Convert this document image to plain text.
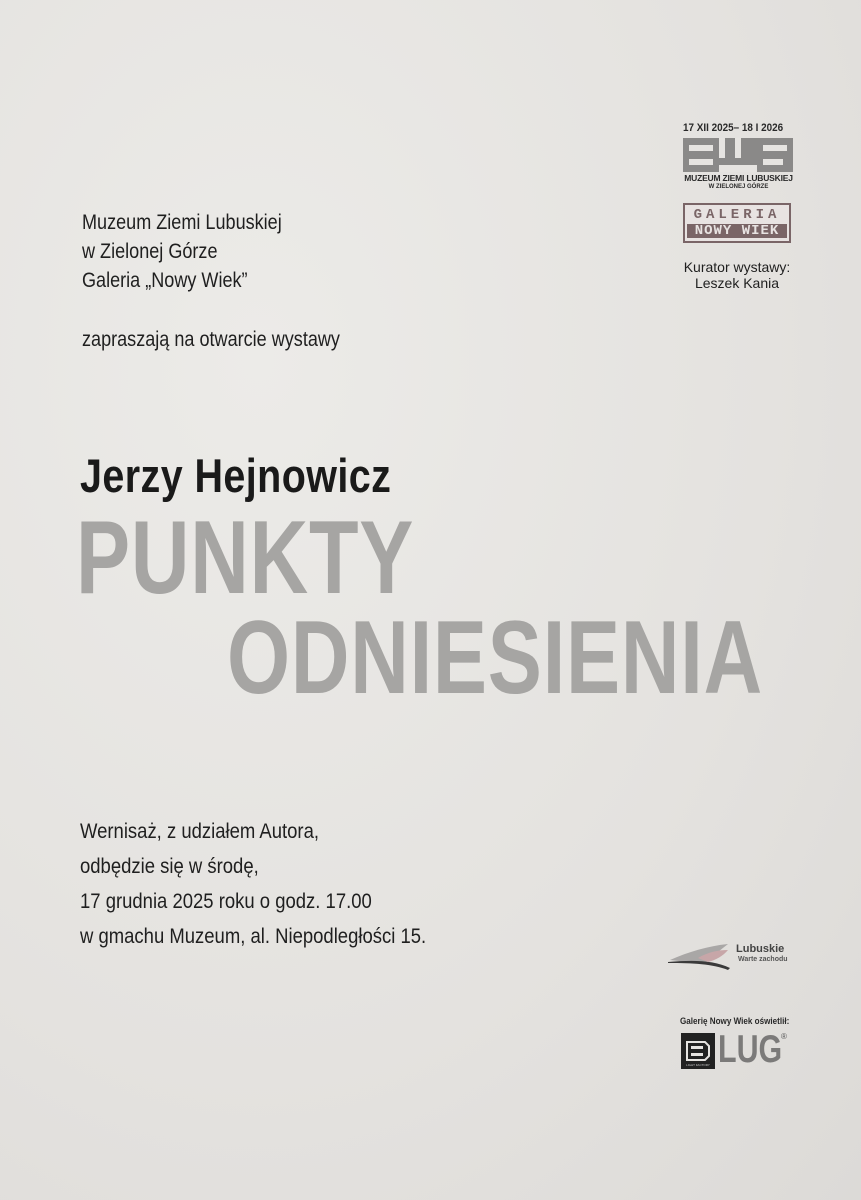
Muzeum Ziemi Lubuskiej
w Zielonej Górze
Galeria „Nowy Wiek”
zapraszają na otwarcie wystawy
Jerzy Hejnowicz
PUNKTY
ODNIESIENIA
Wernisaż, z udziałem Autora,
odbędzie się w środę,
17 grudnia 2025 roku o godz. 17.00
w gmachu Muzeum, al. Niepodległości 15.
17 XII 2025– 18 I 2026
MUZEUM ZIEMI LUBUSKIEJ
W ZIELONEJ GÓRZE
GALERIA
NOWY WIEK
Kurator wystawy:
Leszek Kania
Lubuskie
Warte zachodu
Galerię Nowy Wiek oświetlił:
LIGHT FACTORY LUG
®
